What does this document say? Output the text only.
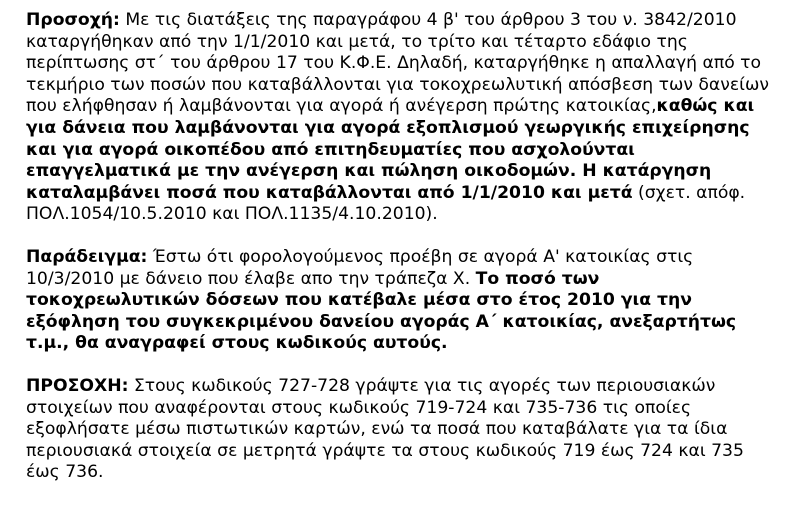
Προσοχή: Με τις διατάξεις της παραγράφου 4 β' του άρθρου 3 του ν. 3842/2010 καταργήθηκαν από την 1/1/2010 και μετά, το τρίτο και τέταρτο εδάφιο της περίπτωσης στ΄ του άρθρου 17 του Κ.Φ.Ε. Δηλαδή, καταργήθηκε η απαλλαγή από το τεκμήριο των ποσών που καταβάλλονται για τοκοχρεωλυτική απόσβεση των δανείων που ελήφθησαν ή λαμβάνονται για αγορά ή ανέγερση πρώτης κατοικίας,καθώς και για δάνεια που λαμβάνονται για αγορά εξοπλισμού γεωργικής επιχείρησης και για αγορά οικοπέδου από επιτηδευματίες που ασχολούνται επαγγελματικά με την ανέγερση και πώληση οικοδομών. Η κατάργηση καταλαμβάνει ποσά που καταβάλλονται από 1/1/2010 και μετά (σχετ. απόφ. ΠΟΛ.1054/10.5.2010 και ΠΟΛ.1135/4.10.2010).

Παράδειγμα: Έστω ότι φορολογούμενος προέβη σε αγορά Α' κατοικίας στις 10/3/2010 με δάνειο που έλαβε απο την τράπεζα Χ. Το ποσό των τοκοχρεωλυτικών δόσεων που κατέβαλε μέσα στο έτος 2010 για την εξόφληση του συγκεκριμένου δανείου αγοράς Α΄ κατοικίας, ανεξαρτήτως τ.μ., θα αναγραφεί στους κωδικούς αυτούς.

ΠΡΟΣΟΧΗ: Στους κωδικούς 727-728 γράψτε για τις αγορές των περιουσιακών στοιχείων που αναφέρονται στους κωδικούς 719-724 και 735-736 τις οποίες εξοφλήσατε μέσω πιστωτικών καρτών, ενώ τα ποσά που καταβάλατε για τα ίδια περιουσιακά στοιχεία σε μετρητά γράψτε τα στους κωδικούς 719 έως 724 και 735 έως 736.
